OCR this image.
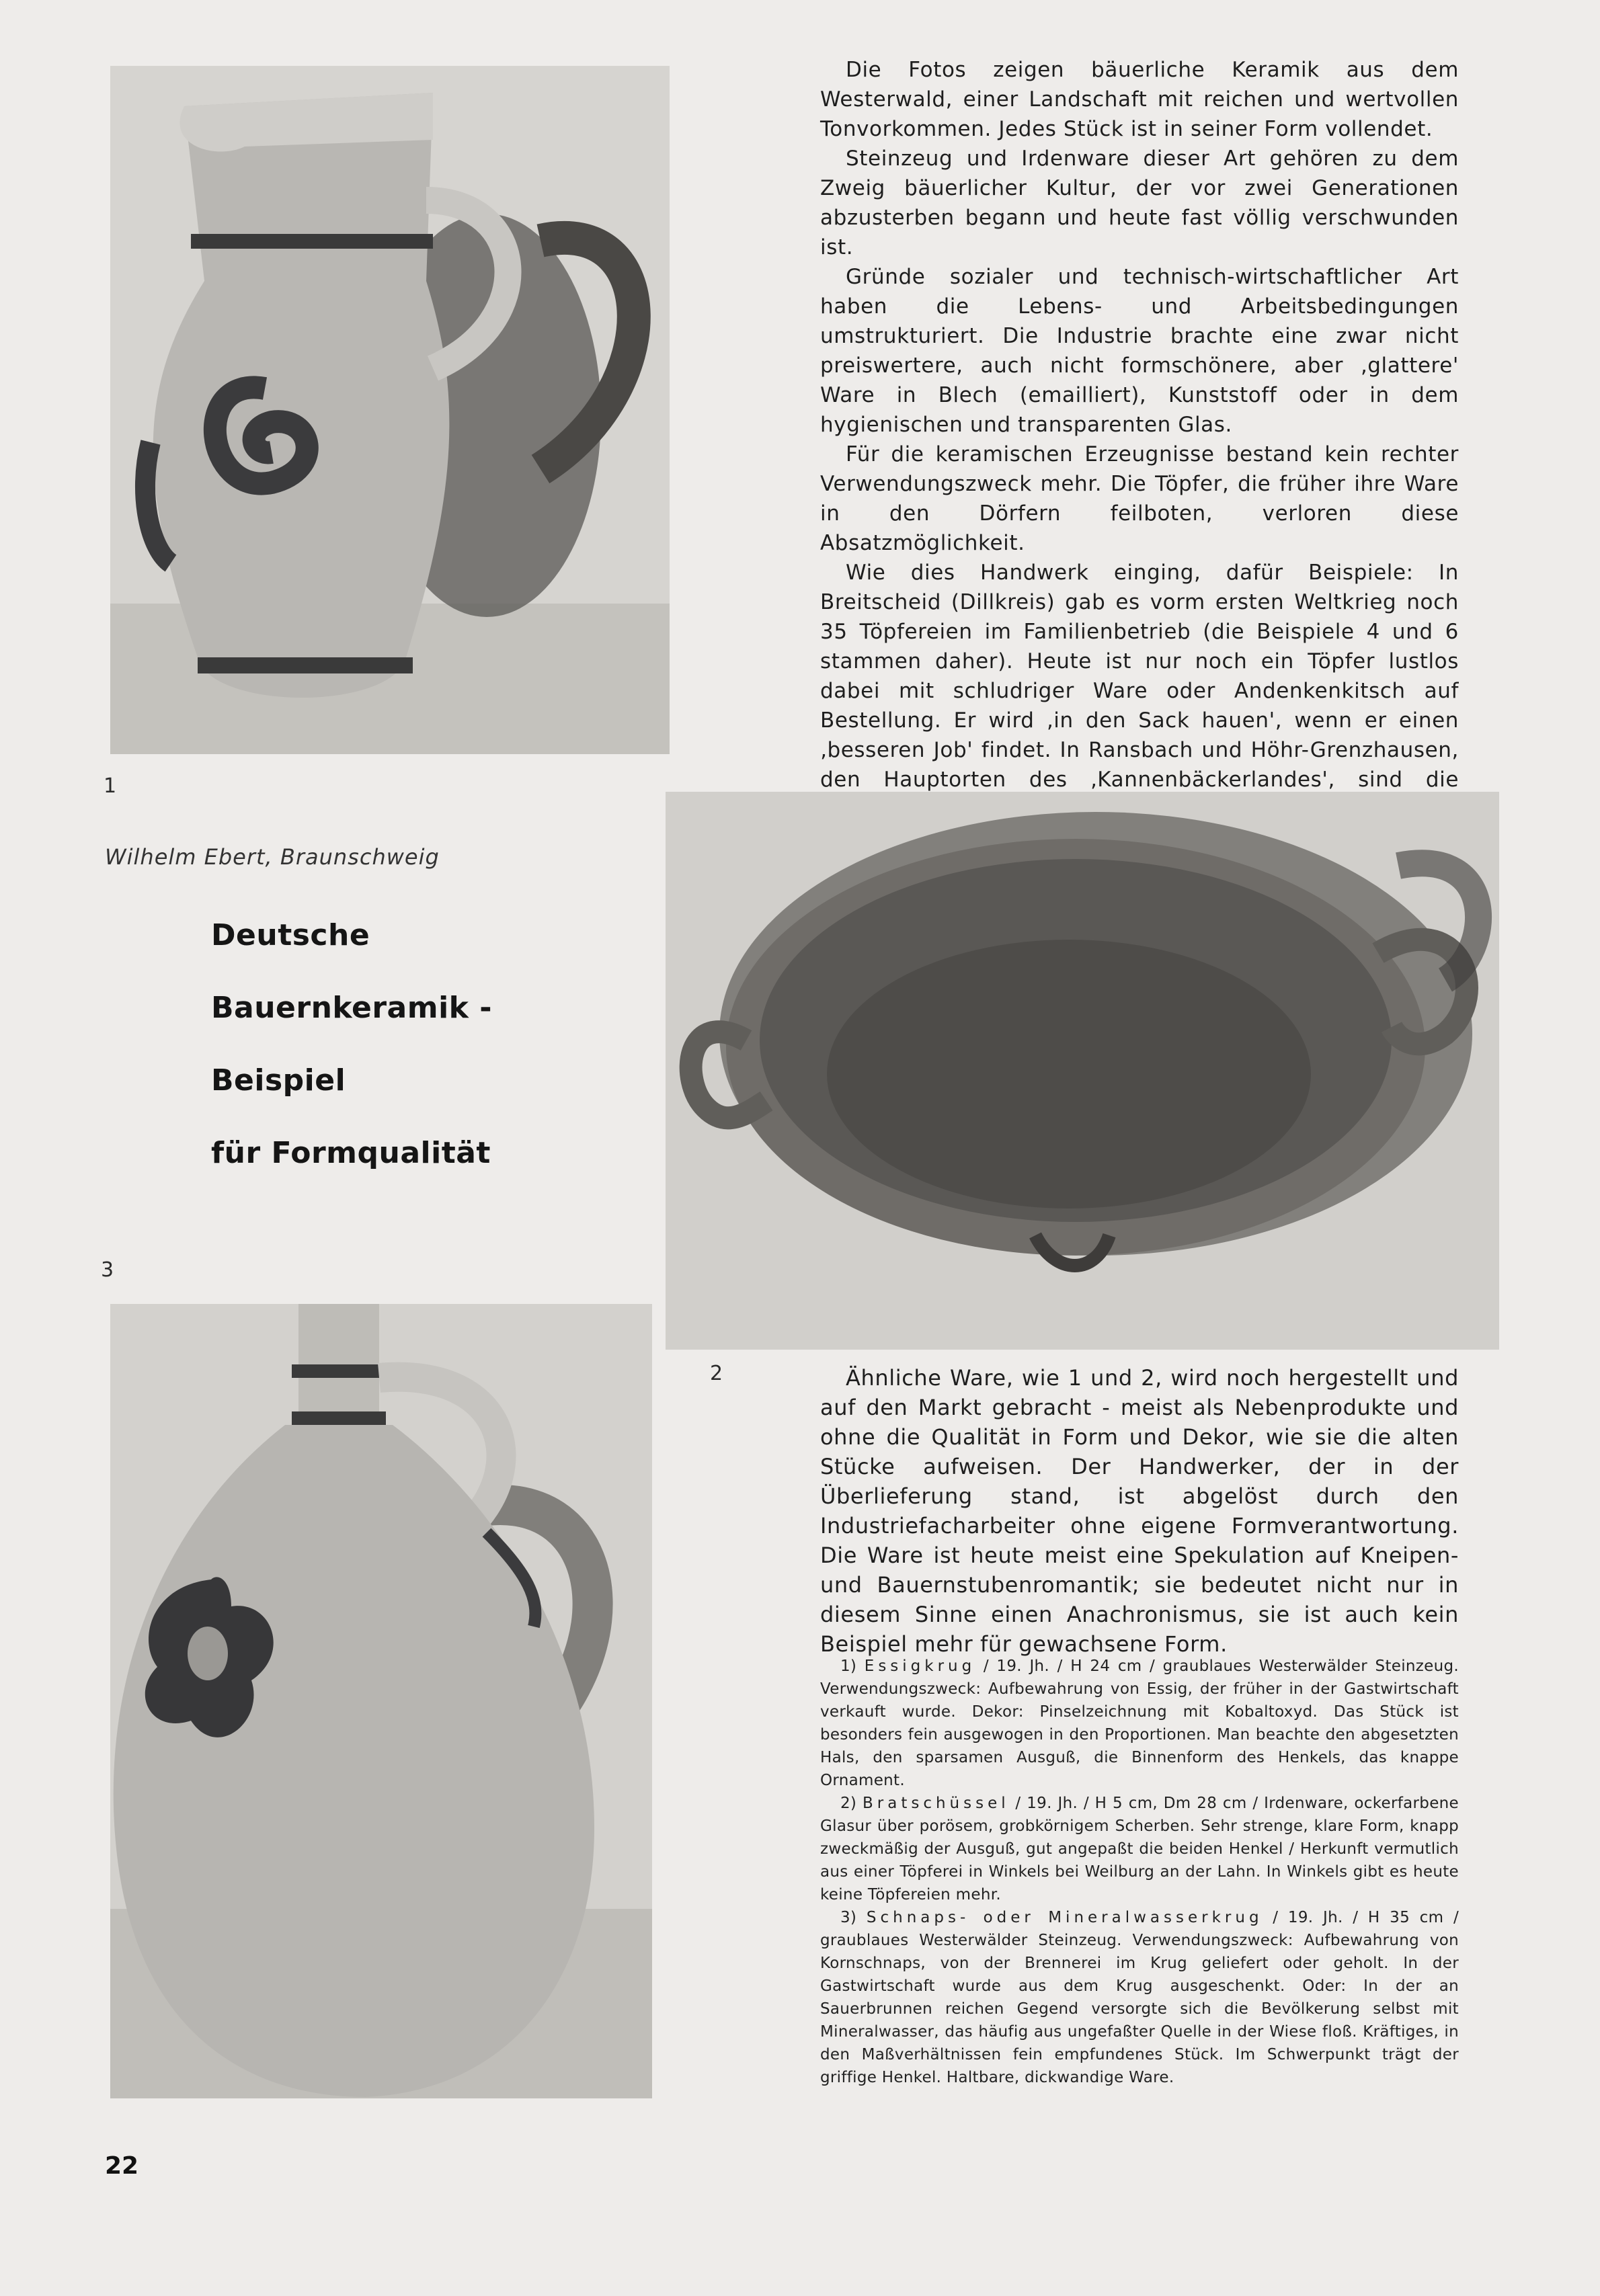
1
Wilhelm Ebert, Braunschweig
Deutsche
Bauernkeramik -
Beispiel
für Formqualität

Die Fotos zeigen bäuerliche Keramik aus dem Westerwald, einer Landschaft mit reichen und wertvollen Tonvorkommen. Jedes Stück ist in seiner Form vollendet.

Steinzeug und Irdenware dieser Art gehören zu dem Zweig bäuerlicher Kultur, der vor zwei Generationen abzusterben begann und heute fast völlig verschwunden ist.

Gründe sozialer und technisch-wirtschaftlicher Art haben die Lebens- und Arbeitsbedingungen umstrukturiert. Die Industrie brachte eine zwar nicht preiswertere, auch nicht formschönere, aber ‚glattere' Ware in Blech (emailliert), Kunststoff oder in dem hygienischen und transparenten Glas.

Für die keramischen Erzeugnisse bestand kein rechter Verwendungszweck mehr. Die Töpfer, die früher ihre Ware in den Dörfern feilboten, verloren diese Absatzmöglichkeit.

Wie dies Handwerk einging, dafür Beispiele: In Breitscheid (Dillkreis) gab es vorm ersten Weltkrieg noch 35 Töpfereien im Familienbetrieb (die Beispiele 4 und 6 stammen daher). Heute ist nur noch ein Töpfer lustlos dabei mit schludriger Ware oder Andenkenkitsch auf Bestellung. Er wird ‚in den Sack hauen', wenn er einen ‚besseren Job' findet. In Ransbach und Höhr-Grenzhausen, den Hauptorten des ‚Kannenbäckerlandes', sind die

2
3

Ähnliche Ware, wie 1 und 2, wird noch hergestellt und auf den Markt gebracht - meist als Nebenprodukte und ohne die Qualität in Form und Dekor, wie sie die alten Stücke aufweisen. Der Handwerker, der in der Überlieferung stand, ist abgelöst durch den Industriefacharbeiter ohne eigene Formverantwortung. Die Ware ist heute meist eine Spekulation auf Kneipen- und Bauernstubenromantik; sie bedeutet nicht nur in diesem Sinne einen Anachronismus, sie ist auch kein Beispiel mehr für gewachsene Form.

1) Essigkrug / 19. Jh. / H 24 cm / graublaues Westerwälder Steinzeug. Verwendungszweck: Aufbewahrung von Essig, der früher in der Gastwirtschaft verkauft wurde. Dekor: Pinselzeichnung mit Kobaltoxyd. Das Stück ist besonders fein ausgewogen in den Proportionen. Man beachte den abgesetzten Hals, den sparsamen Ausguß, die Binnenform des Henkels, das knappe Ornament.

2) Bratschüssel / 19. Jh. / H 5 cm, Dm 28 cm / Irdenware, ockerfarbene Glasur über porösem, grobkörnigem Scherben. Sehr strenge, klare Form, knapp zweckmäßig der Ausguß, gut angepaßt die beiden Henkel / Herkunft vermutlich aus einer Töpferei in Winkels bei Weilburg an der Lahn. In Winkels gibt es heute keine Töpfereien mehr.

3) Schnaps- oder Mineralwasserkrug / 19. Jh. / H 35 cm / graublaues Westerwälder Steinzeug. Verwendungszweck: Aufbewahrung von Kornschnaps, von der Brennerei im Krug geliefert oder geholt. In der Gastwirtschaft wurde aus dem Krug ausgeschenkt. Oder: In der an Sauerbrunnen reichen Gegend versorgte sich die Bevölkerung selbst mit Mineralwasser, das häufig aus ungefaßter Quelle in der Wiese floß. Kräftiges, in den Maßverhältnissen fein empfundenes Stück. Im Schwerpunkt trägt der griffige Henkel. Haltbare, dickwandige Ware.

22
